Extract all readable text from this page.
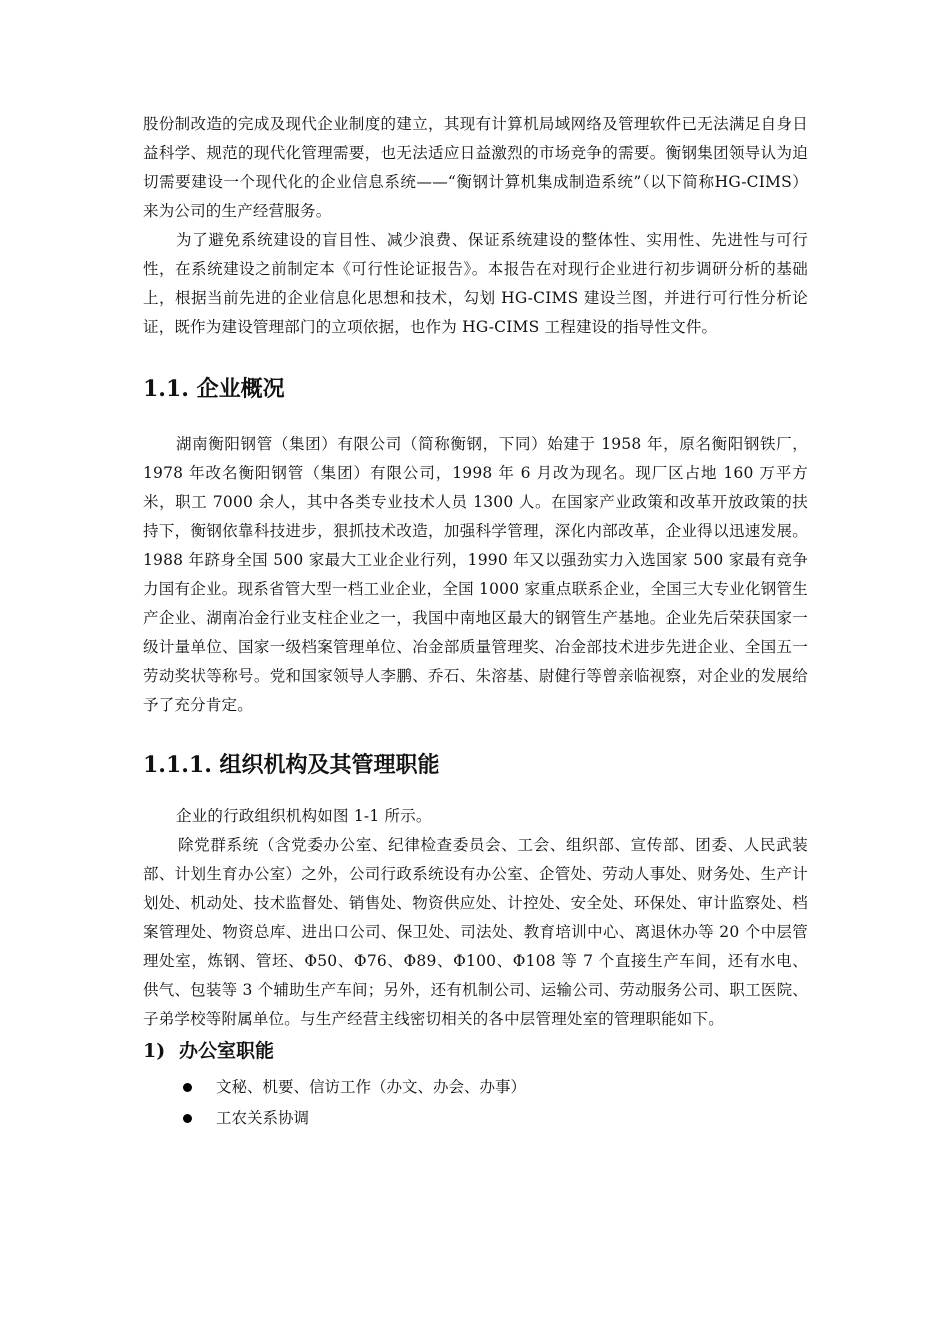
股份制改造的完成及现代企业制度的建立，其现有计算机局域网络及管理软件已无法满足自身日益科学、规范的现代化管理需要，也无法适应日益激烈的市场竞争的需要。衡钢集团领导认为迫切需要建设一个现代化的企业信息系统——“衡钢计算机集成制造系统”（以下简称HG-CIMS）来为公司的生产经营服务。

为了避免系统建设的盲目性、减少浪费、保证系统建设的整体性、实用性、先进性与可行性，在系统建设之前制定本《可行性论证报告》。本报告在对现行企业进行初步调研分析的基础上，根据当前先进的企业信息化思想和技术，勾划 HG-CIMS 建设兰图，并进行可行性分析论证，既作为建设管理部门的立项依据，也作为 HG-CIMS 工程建设的指导性文件。

1.1. 企业概况

湖南衡阳钢管（集团）有限公司（简称衡钢，下同）始建于 1958 年，原名衡阳钢铁厂，1978 年改名衡阳钢管（集团）有限公司，1998 年 6 月改为现名。现厂区占地 160 万平方米，职工 7000 余人，其中各类专业技术人员 1300 人。在国家产业政策和改革开放政策的扶持下，衡钢依靠科技进步，狠抓技术改造，加强科学管理，深化内部改革，企业得以迅速发展。1988 年跻身全国 500 家最大工业企业行列，1990 年又以强劲实力入选国家 500 家最有竞争力国有企业。现系省管大型一档工业企业，全国 1000 家重点联系企业，全国三大专业化钢管生产企业、湖南冶金行业支柱企业之一，我国中南地区最大的钢管生产基地。企业先后荣获国家一级计量单位、国家一级档案管理单位、冶金部质量管理奖、冶金部技术进步先进企业、全国五一劳动奖状等称号。党和国家领导人李鹏、乔石、朱溶基、尉健行等曾亲临视察，对企业的发展给予了充分肯定。

1.1.1. 组织机构及其管理职能

企业的行政组织机构如图 1-1 所示。

除党群系统（含党委办公室、纪律检查委员会、工会、组织部、宣传部、团委、人民武装部、计划生育办公室）之外，公司行政系统设有办公室、企管处、劳动人事处、财务处、生产计划处、机动处、技术监督处、销售处、物资供应处、计控处、安全处、环保处、审计监察处、档案管理处、物资总库、进出口公司、保卫处、司法处、教育培训中心、离退休办等 20 个中层管理处室，炼钢、管坯、Φ50、Φ76、Φ89、Φ100、Φ108 等 7 个直接生产车间，还有水电、供气、包装等 3 个辅助生产车间；另外，还有机制公司、运输公司、劳动服务公司、职工医院、子弟学校等附属单位。与生产经营主线密切相关的各中层管理处室的管理职能如下。

1) 办公室职能
文秘、机要、信访工作（办文、办会、办事）
工农关系协调
